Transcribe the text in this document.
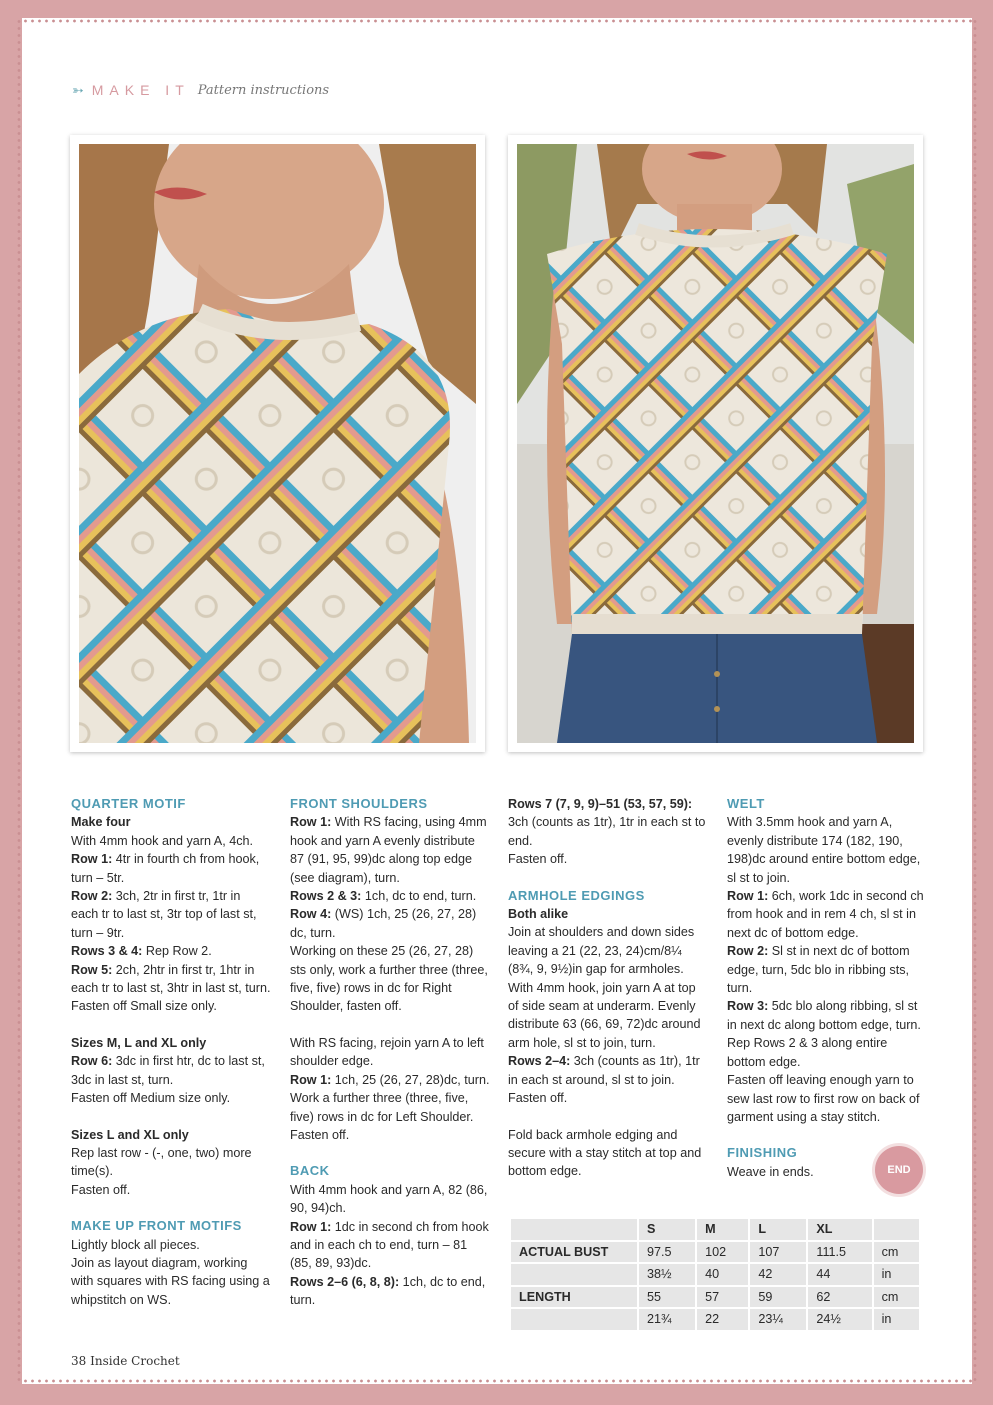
➳ MAKE IT Pattern instructions

QUARTER MOTIF

Make four

With 4mm hook and yarn A, 4ch.

Row 1: 4tr in fourth ch from hook, turn – 5tr.

Row 2: 3ch, 2tr in first tr, 1tr in each tr to last st, 3tr top of last st, turn – 9tr.

Rows 3 & 4: Rep Row 2.

Row 5: 2ch, 2htr in first tr, 1htr in each tr to last st, 3htr in last st, turn.

Fasten off Small size only.

Sizes M, L and XL only

Row 6: 3dc in first htr, dc to last st, 3dc in last st, turn.

Fasten off Medium size only.

Sizes L and XL only

Rep last row - (-, one, two) more time(s).

Fasten off.

MAKE UP FRONT MOTIFS

Lightly block all pieces.

Join as layout diagram, working with squares with RS facing using a whipstitch on WS.

FRONT SHOULDERS

Row 1: With RS facing, using 4mm hook and yarn A evenly distribute 87 (91, 95, 99)dc along top edge (see diagram), turn.

Rows 2 & 3: 1ch, dc to end, turn.

Row 4: (WS) 1ch, 25 (26, 27, 28) dc, turn.

Working on these 25 (26, 27, 28) sts only, work a further three (three, five, five) rows in dc for Right Shoulder, fasten off.

With RS facing, rejoin yarn A to left shoulder edge.

Row 1: 1ch, 25 (26, 27, 28)dc, turn.

Work a further three (three, five, five) rows in dc for Left Shoulder. Fasten off.

BACK

With 4mm hook and yarn A, 82 (86, 90, 94)ch.

Row 1: 1dc in second ch from hook and in each ch to end, turn – 81 (85, 89, 93)dc.

Rows 2–6 (6, 8, 8): 1ch, dc to end, turn.

Rows 7 (7, 9, 9)–51 (53, 57, 59): 3ch (counts as 1tr), 1tr in each st to end.

Fasten off.

ARMHOLE EDGINGS

Both alike

Join at shoulders and down sides leaving a 21 (22, 23, 24)cm/8¼ (8¾, 9, 9½)in gap for armholes. With 4mm hook, join yarn A at top of side seam at underarm. Evenly distribute 63 (66, 69, 72)dc around arm hole, sl st to join, turn.

Rows 2–4: 3ch (counts as 1tr), 1tr in each st around, sl st to join. Fasten off.

Fold back armhole edging and secure with a stay stitch at top and bottom edge.

WELT

With 3.5mm hook and yarn A, evenly distribute 174 (182, 190, 198)dc around entire bottom edge, sl st to join.

Row 1: 6ch, work 1dc in second ch from hook and in rem 4 ch, sl st in next dc of bottom edge.

Row 2: Sl st in next dc of bottom edge, turn, 5dc blo in ribbing sts, turn.

Row 3: 5dc blo along ribbing, sl st in next dc along bottom edge, turn.

Rep Rows 2 & 3 along entire bottom edge.

Fasten off leaving enough yarn to sew last row to first row on back of garment using a stay stitch.

FINISHING

Weave in ends.	END
	S	M	L	XL	
ACTUAL BUST	97.5	102	107	111.5	cm
	38½	40	42	44	in
LENGTH	55	57	59	62	cm
	21¾	22	23¼	24½	in
38 Inside Crochet
